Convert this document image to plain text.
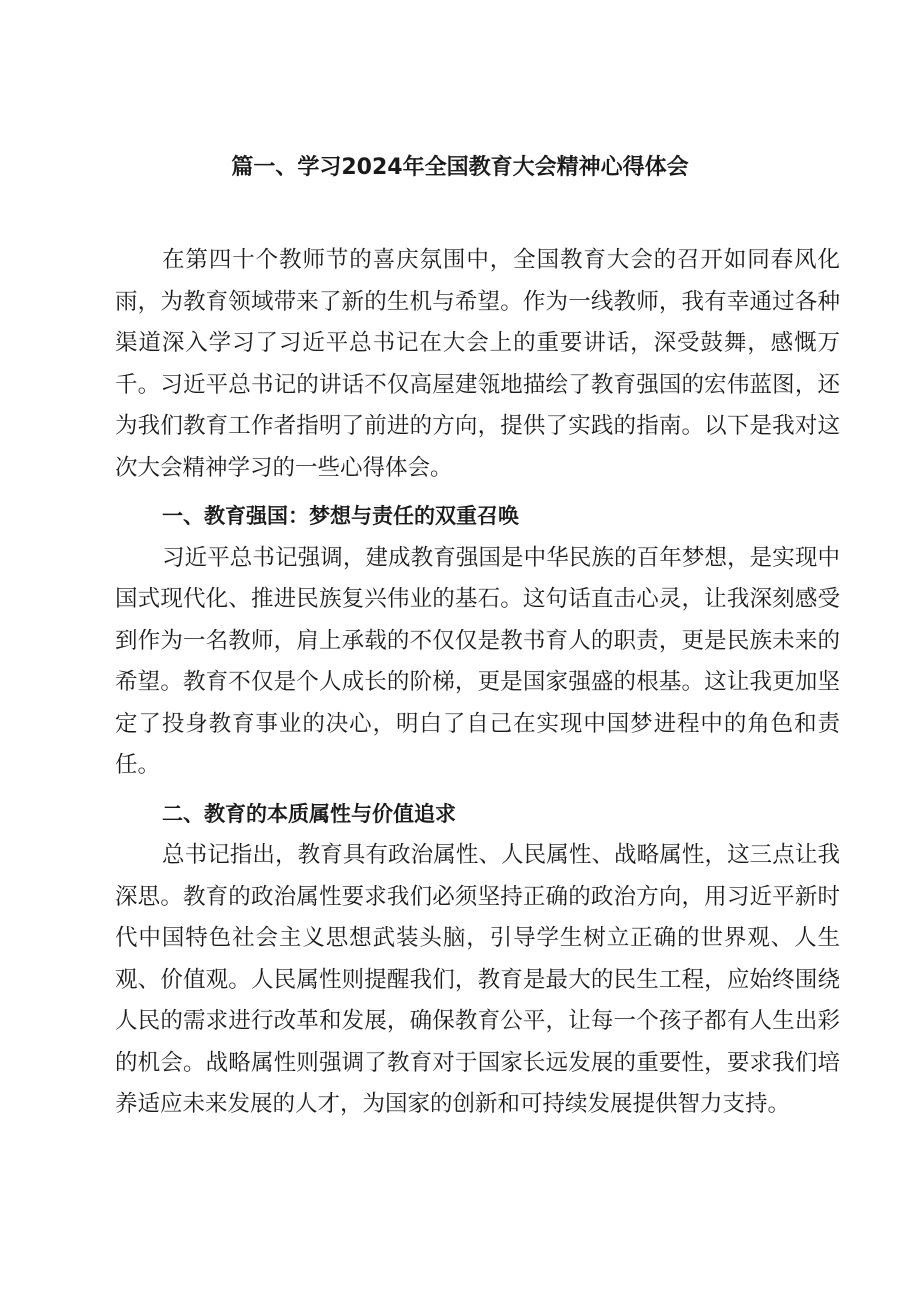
篇一、学习2024年全国教育大会精神心得体会

在第四十个教师节的喜庆氛围中，全国教育大会的召开如同春风化雨，为教育领域带来了新的生机与希望。作为一线教师，我有幸通过各种渠道深入学习了习近平总书记在大会上的重要讲话，深受鼓舞，感慨万千。习近平总书记的讲话不仅高屋建瓴地描绘了教育强国的宏伟蓝图，还为我们教育工作者指明了前进的方向，提供了实践的指南。以下是我对这次大会精神学习的一些心得体会。

一、教育强国：梦想与责任的双重召唤

习近平总书记强调，建成教育强国是中华民族的百年梦想，是实现中国式现代化、推进民族复兴伟业的基石。这句话直击心灵，让我深刻感受到作为一名教师，肩上承载的不仅仅是教书育人的职责，更是民族未来的希望。教育不仅是个人成长的阶梯，更是国家强盛的根基。这让我更加坚定了投身教育事业的决心，明白了自己在实现中国梦进程中的角色和责任。

二、教育的本质属性与价值追求

总书记指出，教育具有政治属性、人民属性、战略属性，这三点让我深思。教育的政治属性要求我们必须坚持正确的政治方向，用习近平新时代中国特色社会主义思想武装头脑，引导学生树立正确的世界观、人生观、价值观。人民属性则提醒我们，教育是最大的民生工程，应始终围绕人民的需求进行改革和发展，确保教育公平，让每一个孩子都有人生出彩的机会。战略属性则强调了教育对于国家长远发展的重要性，要求我们培养适应未来发展的人才，为国家的创新和可持续发展提供智力支持。
